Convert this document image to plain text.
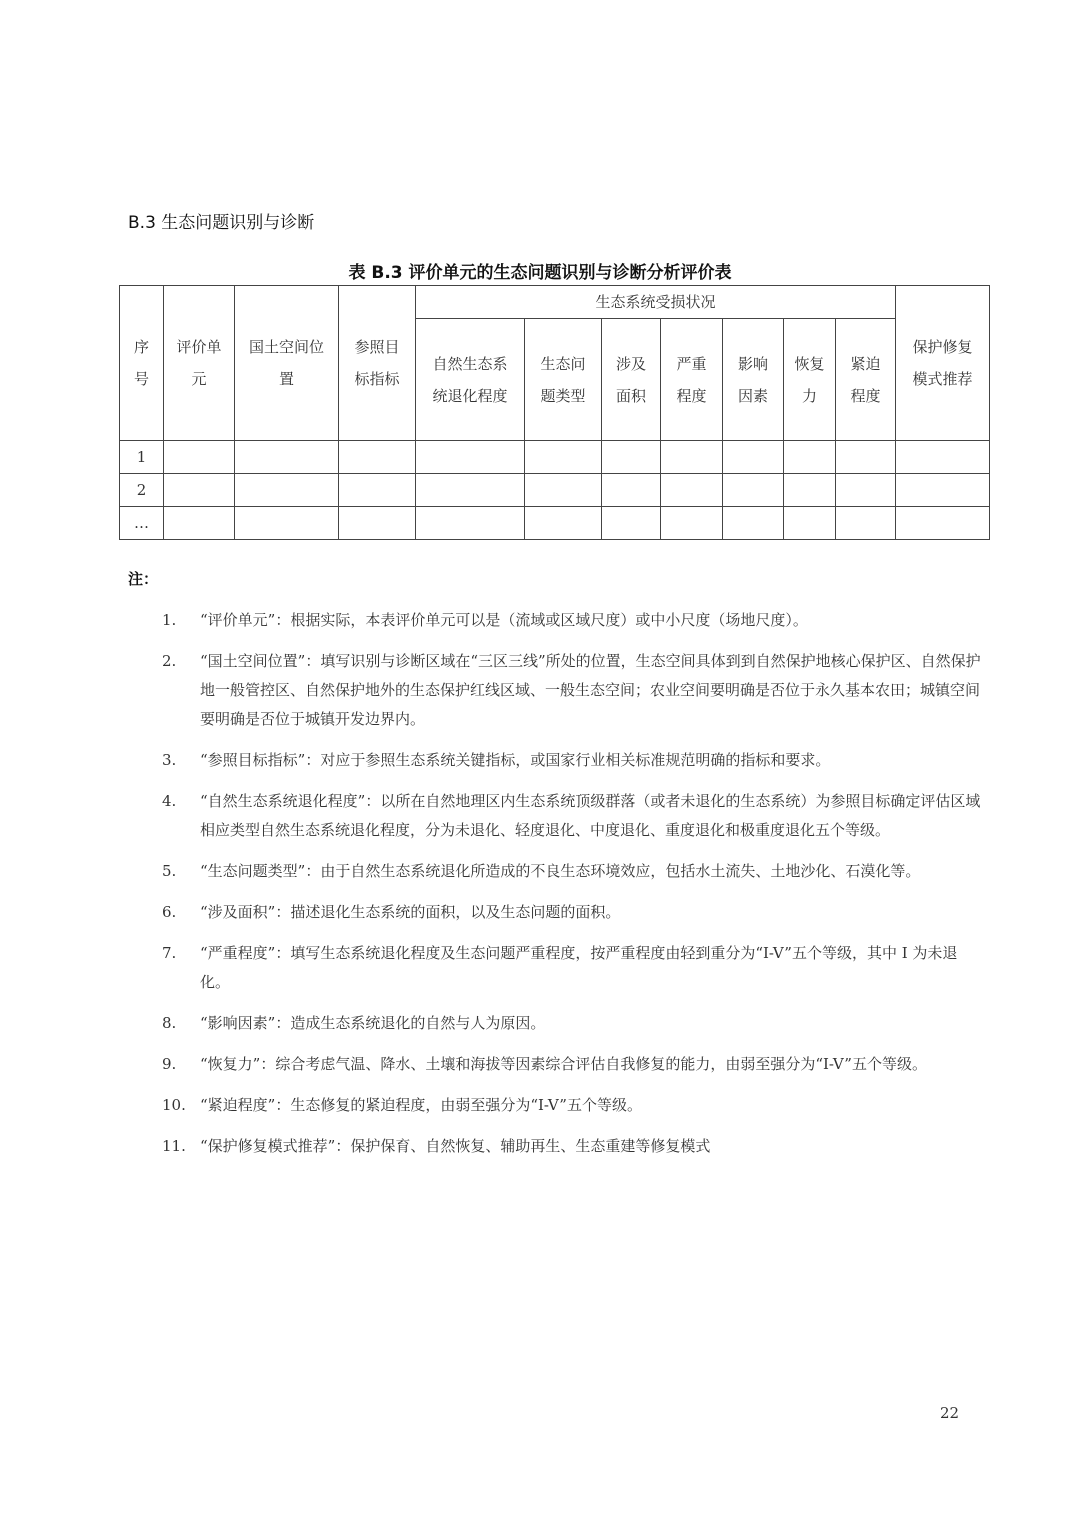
B.3 生态问题识别与诊断
表 B.3 评价单元的生态问题识别与诊断分析评价表
序号	评价单元	国土空间位置	参照目标指标	生态系统受损状况							保护修复模式推荐
				自然生态系统退化程度	生态问题类型	涉及面积	严重程度	影响因素	恢复力	紧迫程度	
1											
2											
…											
注：
1.	“评价单元”：根据实际，本表评价单元可以是（流域或区域尺度）或中小尺度（场地尺度）。
2.	“国土空间位置”：填写识别与诊断区域在“三区三线”所处的位置，生态空间具体到到自然保护地核心保护区、自然保护地一般管控区、自然保护地外的生态保护红线区域、一般生态空间；农业空间要明确是否位于永久基本农田；城镇空间要明确是否位于城镇开发边界内。
3.	“参照目标指标”：对应于参照生态系统关键指标，或国家行业相关标准规范明确的指标和要求。
4.	“自然生态系统退化程度”：以所在自然地理区内生态系统顶级群落（或者未退化的生态系统）为参照目标确定评估区域相应类型自然生态系统退化程度，分为未退化、轻度退化、中度退化、重度退化和极重度退化五个等级。
5.	“生态问题类型”：由于自然生态系统退化所造成的不良生态环境效应，包括水土流失、土地沙化、石漠化等。
6.	“涉及面积”：描述退化生态系统的面积，以及生态问题的面积。
7.	“严重程度”：填写生态系统退化程度及生态问题严重程度，按严重程度由轻到重分为“I-V”五个等级，其中 I 为未退化。
8.	“影响因素”：造成生态系统退化的自然与人为原因。
9.	“恢复力”：综合考虑气温、降水、土壤和海拔等因素综合评估自我修复的能力，由弱至强分为“I-V”五个等级。
10. “紧迫程度”：生态修复的紧迫程度，由弱至强分为“I-V”五个等级。
11. “保护修复模式推荐”：保护保育、自然恢复、辅助再生、生态重建等修复模式
22
